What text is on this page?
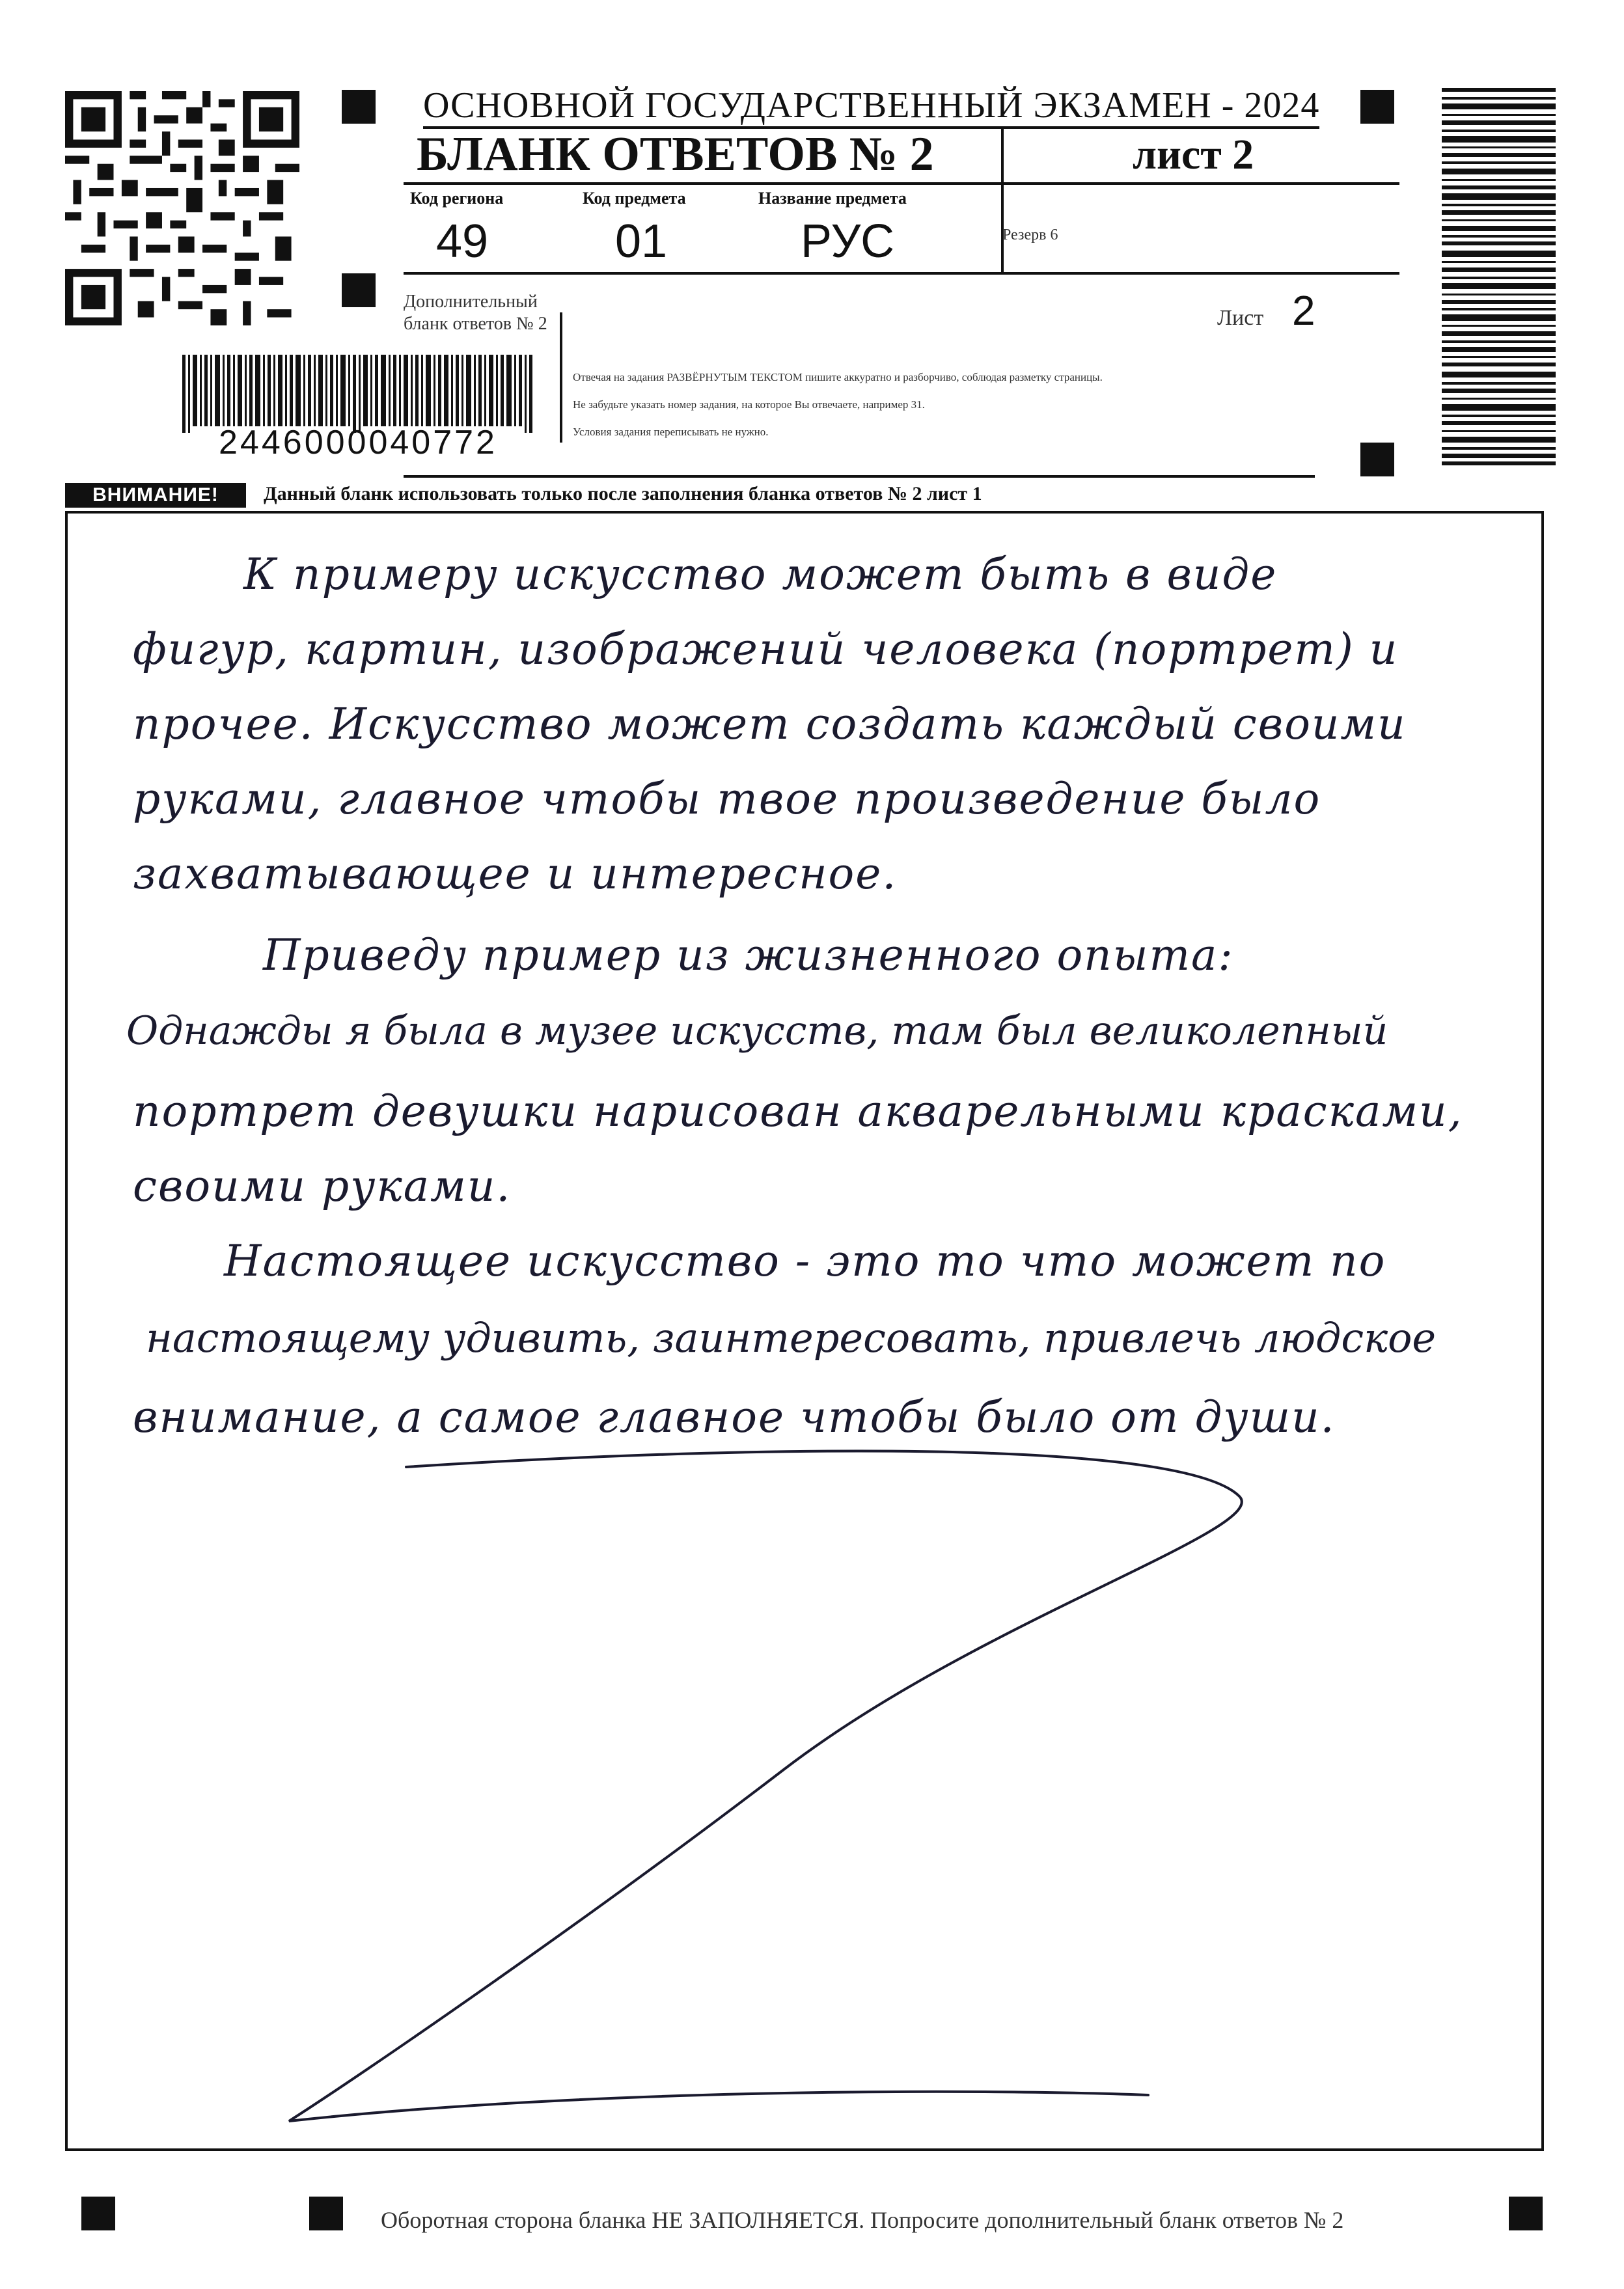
2446000040772
ОСНОВНОЙ ГОСУДАРСТВЕННЫЙ ЭКЗАМЕН - 2024
БЛАНК ОТВЕТОВ № 2	лист 2
Код региона
49
Код предмета
01
Название предмета
РУС	Резерв 6
Дополнительный
бланк ответов № 2	Лист 2
Отвечая на задания РАЗВЁРНУТЫМ ТЕКСТОМ пишите аккуратно и разборчиво, соблюдая разметку страницы.
Не забудьте указать номер задания, на которое Вы отвечаете, например 31.
Условия задания переписывать не нужно.
ВНИМАНИЕ!	Данный бланк использовать только после заполнения бланка ответов № 2 лист 1
К примеру искусство может быть в виде
фигур, картин, изображений человека (портрет) и
прочее. Искусство может создать каждый своими
руками, главное чтобы твое произведение было
захватывающее и интересное.
Приведу пример из жизненного опыта:
Однажды я была в музее искусств, там был великолепный
портрет девушки нарисован акварельными красками,
своими руками.
Настоящее искусство - это то что может по
настоящему удивить, заинтересовать, привлечь людское
внимание, а самое главное чтобы было от души.
Оборотная сторона бланка НЕ ЗАПОЛНЯЕТСЯ. Попросите дополнительный бланк ответов № 2
